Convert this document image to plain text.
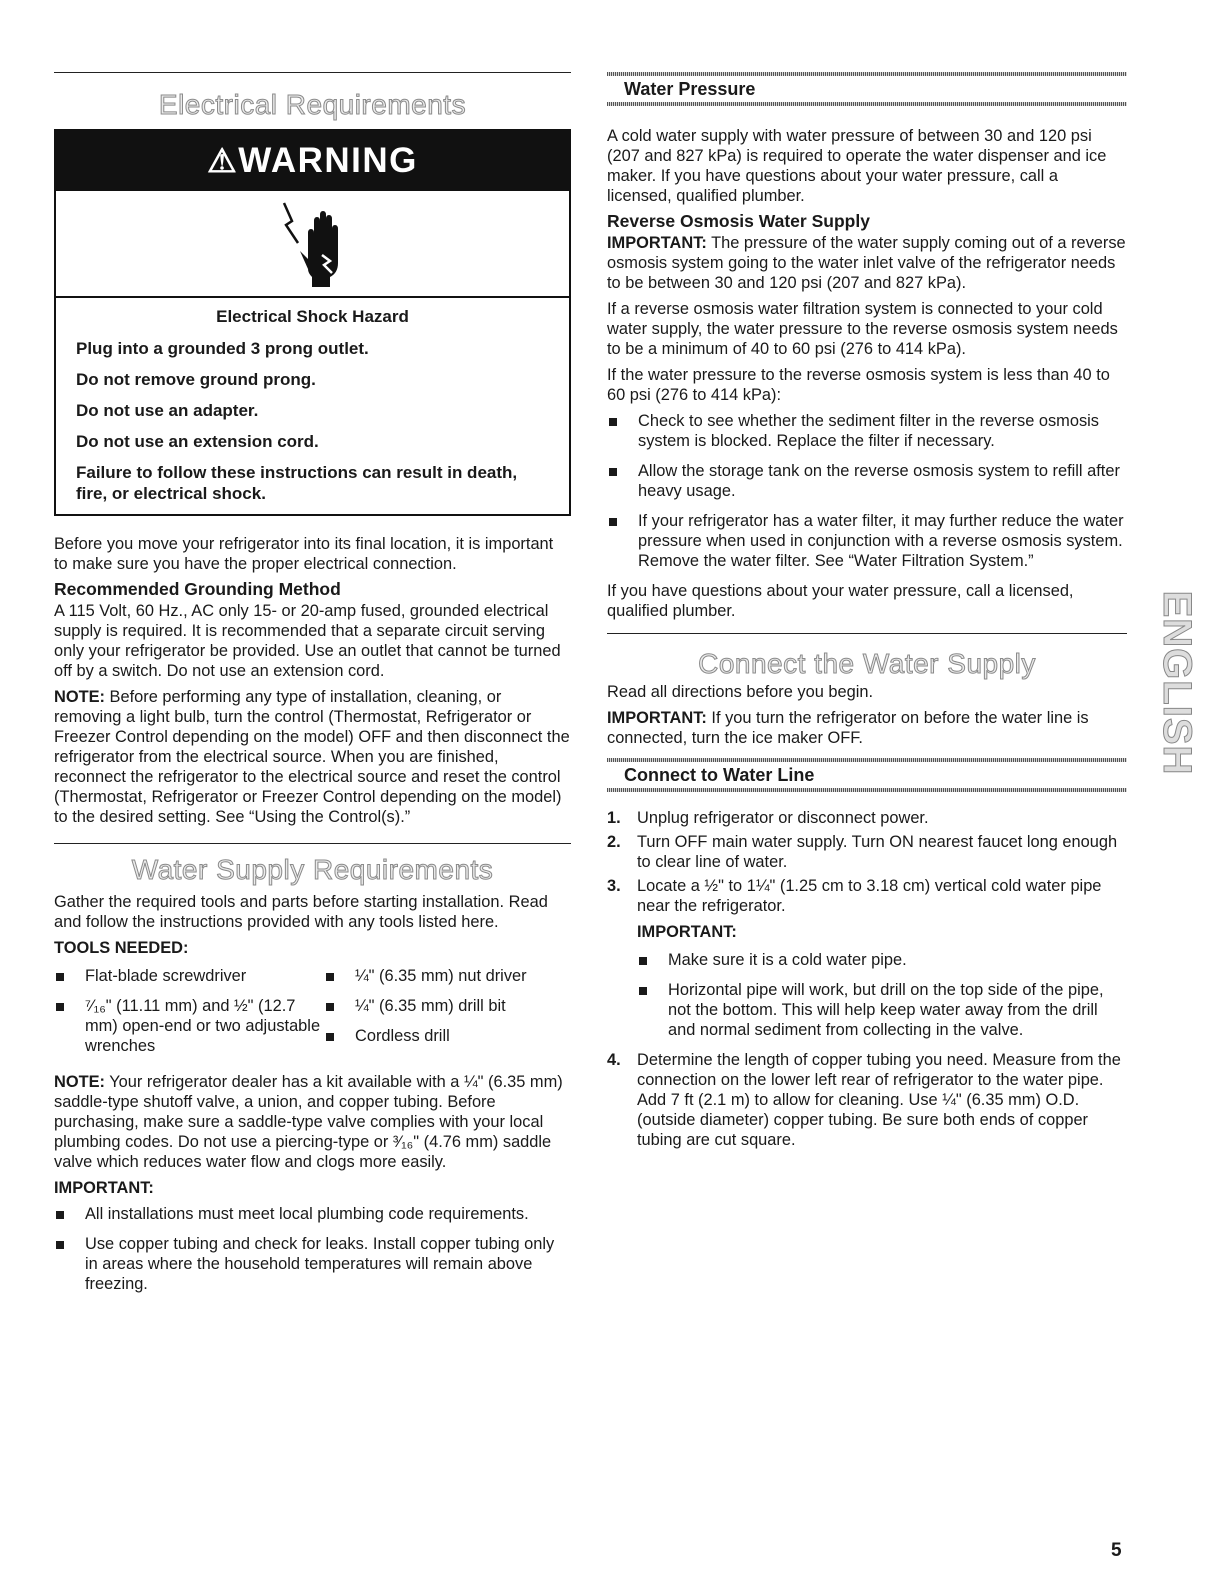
Electrical Requirements
⚠WARNING
Electrical Shock Hazard
Plug into a grounded 3 prong outlet.
Do not remove ground prong.
Do not use an adapter.
Do not use an extension cord.
Failure to follow these instructions can result in death, fire, or electrical shock.

Before you move your refrigerator into its final location, it is important to make sure you have the proper electrical connection.

Recommended Grounding Method

A 115 Volt, 60 Hz., AC only 15- or 20-amp fused, grounded electrical supply is required. It is recommended that a separate circuit serving only your refrigerator be provided. Use an outlet that cannot be turned off by a switch. Do not use an extension cord.

NOTE: Before performing any type of installation, cleaning, or removing a light bulb, turn the control (Thermostat, Refrigerator or Freezer Control depending on the model) OFF and then disconnect the refrigerator from the electrical source. When you are finished, reconnect the refrigerator to the electrical source and reset the control (Thermostat, Refrigerator or Freezer Control depending on the model) to the desired setting. See “Using the Control(s).”

Water Supply Requirements

Gather the required tools and parts before starting installation. Read and follow the instructions provided with any tools listed here.

TOOLS NEEDED:

Flat-blade screwdriver
⁷⁄₁₆" (11.11 mm) and ½" (12.7 mm) open-end or two adjustable wrenches
¼" (6.35 mm) nut driver
¼" (6.35 mm) drill bit
Cordless drill

NOTE: Your refrigerator dealer has a kit available with a ¼" (6.35 mm) saddle-type shutoff valve, a union, and copper tubing. Before purchasing, make sure a saddle-type valve complies with your local plumbing codes. Do not use a piercing-type or ³⁄₁₆" (4.76 mm) saddle valve which reduces water flow and clogs more easily.

IMPORTANT:

All installations must meet local plumbing code requirements.
Use copper tubing and check for leaks. Install copper tubing only in areas where the household temperatures will remain above freezing.
Water Pressure

A cold water supply with water pressure of between 30 and 120 psi (207 and 827 kPa) is required to operate the water dispenser and ice maker. If you have questions about your water pressure, call a licensed, qualified plumber.

Reverse Osmosis Water Supply

IMPORTANT: The pressure of the water supply coming out of a reverse osmosis system going to the water inlet valve of the refrigerator needs to be between 30 and 120 psi (207 and 827 kPa).

If a reverse osmosis water filtration system is connected to your cold water supply, the water pressure to the reverse osmosis system needs to be a minimum of 40 to 60 psi (276 to 414 kPa).

If the water pressure to the reverse osmosis system is less than 40 to 60 psi (276 to 414 kPa):

Check to see whether the sediment filter in the reverse osmosis system is blocked. Replace the filter if necessary.
Allow the storage tank on the reverse osmosis system to refill after heavy usage.
If your refrigerator has a water filter, it may further reduce the water pressure when used in conjunction with a reverse osmosis system. Remove the water filter. See “Water Filtration System.”

If you have questions about your water pressure, call a licensed, qualified plumber.

Connect the Water Supply

Read all directions before you begin.

IMPORTANT: If you turn the refrigerator on before the water line is connected, turn the ice maker OFF.

Connect to Water Line
1. Unplug refrigerator or disconnect power.
2. Turn OFF main water supply. Turn ON nearest faucet long enough to clear line of water.
3. Locate a ½" to 1¼" (1.25 cm to 3.18 cm) vertical cold water pipe near the refrigerator.
IMPORTANT:
Make sure it is a cold water pipe.
Horizontal pipe will work, but drill on the top side of the pipe, not the bottom. This will help keep water away from the drill and normal sediment from collecting in the valve.
4. Determine the length of copper tubing you need. Measure from the connection on the lower left rear of refrigerator to the water pipe. Add 7 ft (2.1 m) to allow for cleaning. Use ¼" (6.35 mm) O.D. (outside diameter) copper tubing. Be sure both ends of copper tubing are cut square.
ENGLISH
5
